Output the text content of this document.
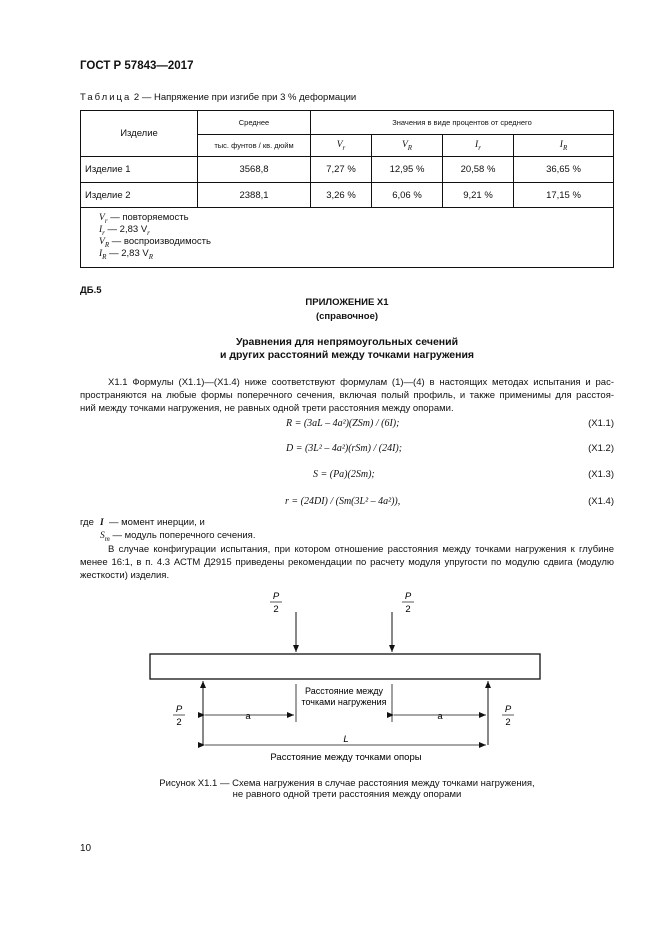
ГОСТ Р 57843—2017
Таблица 2 — Напряжение при изгибе при 3 % деформации
Изделие	Среднее	Значения в виде процентов от среднего			
	тыс. фунтов / кв. дюйм	$V_r$	$V_R$	$I_r$	$I_R$
Изделие 1	3568,8	7,27 %	12,95 %	20,58 %	36,65 %
Изделие 2	2388,1	3,26 %	6,06 %	9,21 %	17,15 %
$V_r$ — повторяемость
$I_r$ — 2,83 $V_r$
$V_R$ — воспроизводимость
$I_R$ — 2,83 $V_R$
ДБ.5
ПРИЛОЖЕНИЕ X1
(справочное)
Уравнения для непрямоугольных сечений
и других расстояний между точками нагружения
X1.1 Формулы (X1.1)—(X1.4) ниже соответствуют формулам (1)—(4) в настоящих методах испытания и рас-
пространяются на любые формы поперечного сечения, включая полый профиль, и также применимы для расстоя-
ний между точками нагружения, не равных одной трети расстояния между опорами.
R = (3aL – 4a²)(ZSm) / (6I);	(X1.1)
D = (3L² – 4a²)(rSm) / (24I);	(X1.2)
S = (Pa)(2Sm);	(X1.3)
r = (24DI) / (Sm(3L² – 4a²)),	(X1.4)
где I — момент инерции, и
$S_m$ — модуль поперечного сечения.
В случае конфигурации испытания, при котором отношение расстояния между точками нагружения к глубине
менее 16:1, в п. 4.3 АСТМ Д2915 приведены рекомендации по расчету модуля упругости по модулю сдвига (модулю
жесткости) изделия.
P
2
P
2
P
2
P
2
Расстояние между
точками нагружения
a	a
L
Расстояние между точками опоры
Рисунок X1.1 — Схема нагружения в случае расстояния между точками нагружения,
не равного одной трети расстояния между опорами
10
